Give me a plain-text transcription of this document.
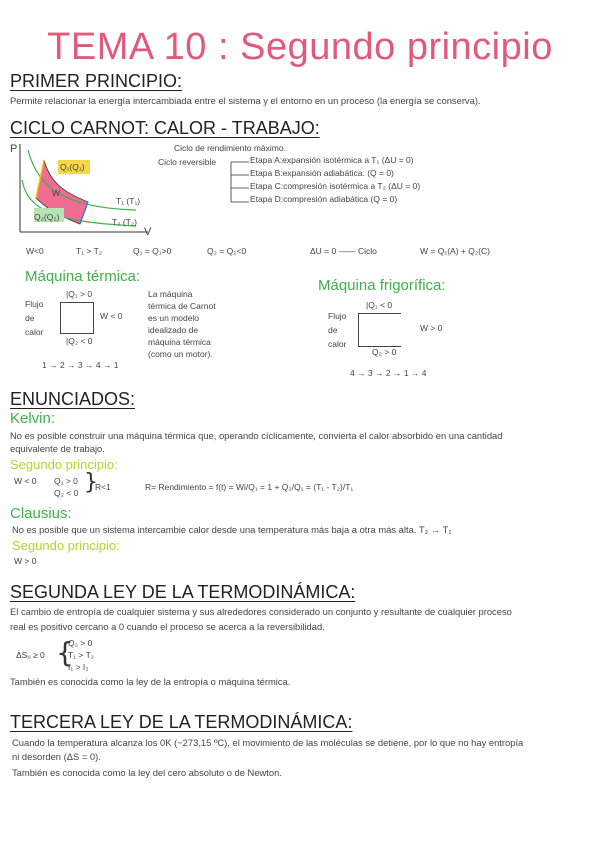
TEMA 10 : Segundo principio
PRIMER PRINCIPIO:
Permite relacionar la energía intercambiada entre el sistema y el entorno en un proceso (la energía se conserva).
CICLO CARNOT: CALOR - TRABAJO:
P
V
Q₁(Q₁)
W
Q₂(Q₂)
T₁ (T₁)
T₂ (T₂)
Ciclo de rendimiento máximo.
Ciclo reversible	Etapa A:expansión isotérmica a T₁ (ΔU = 0)
Etapa B:expansión adiabática. (Q = 0)
Etapa C:compresión isotérmica a T₂ (ΔU = 0)
Etapa D:compresión adiabática (Q = 0)
W<0	T₁ > T₂	Q₁ = Q₁>0	Q₂ = Q₂<0	ΔU = 0 —— Ciclo	W = Q₁(A) + Q₂(C)
Máquina térmica:
Flujo
de
calor
|Q₁ > 0
|Q₂ < 0
W < 0
La máquina
térmica de Carnot
es un modelo
idealizado de
máquina térmica
(como un motor).
1 → 2 → 3 → 4 → 1
Máquina frigorífica:
Flujo
de
calor
|Q₁ < 0
Q₂ > 0
W > 0
4 → 3 → 2 → 1 → 4
ENUNCIADOS:
Kelvin:
No es posible construir una máquina térmica que, operando cíclicamente, convierta el calor absorbido en una cantidad
equivalente de trabajo.
Segundo principio:
W < 0 Q₁ > 0
Q₂ < 0 }
R<1	R= Rendimiento = f(t) = Wi/Q₁ = 1 + Q₂/Q₁ = (T₁ - T₂)/T₁
Clausius:
No es posible que un sistema intercambie calor desde una temperatura más baja a otra más alta. T₂ → T₁
Segundo principio:
W > 0
SEGUNDA LEY DE LA TERMODINÁMICA:
El cambio de entropía de cualquier sistema y sus alrededores considerado un conjunto y resultante de cualquier proceso
real es positivo cercano a 0 cuando el proceso se acerca a la reversibilidad.
ΔSᵤ ≥ 0 {
Q₂ > 0
T₁ > T₂
I₁ > I₂
También es conocida como la ley de la entropía o máquina térmica.
TERCERA LEY DE LA TERMODINÁMICA:
Cuando la temperatura alcanza los 0K (−273,15 ºC), el movimiento de las moléculas se detiene, por lo que no hay entropía
ni desorden (ΔS = 0).
También es conocida como la ley del cero absoluto o de Newton.
